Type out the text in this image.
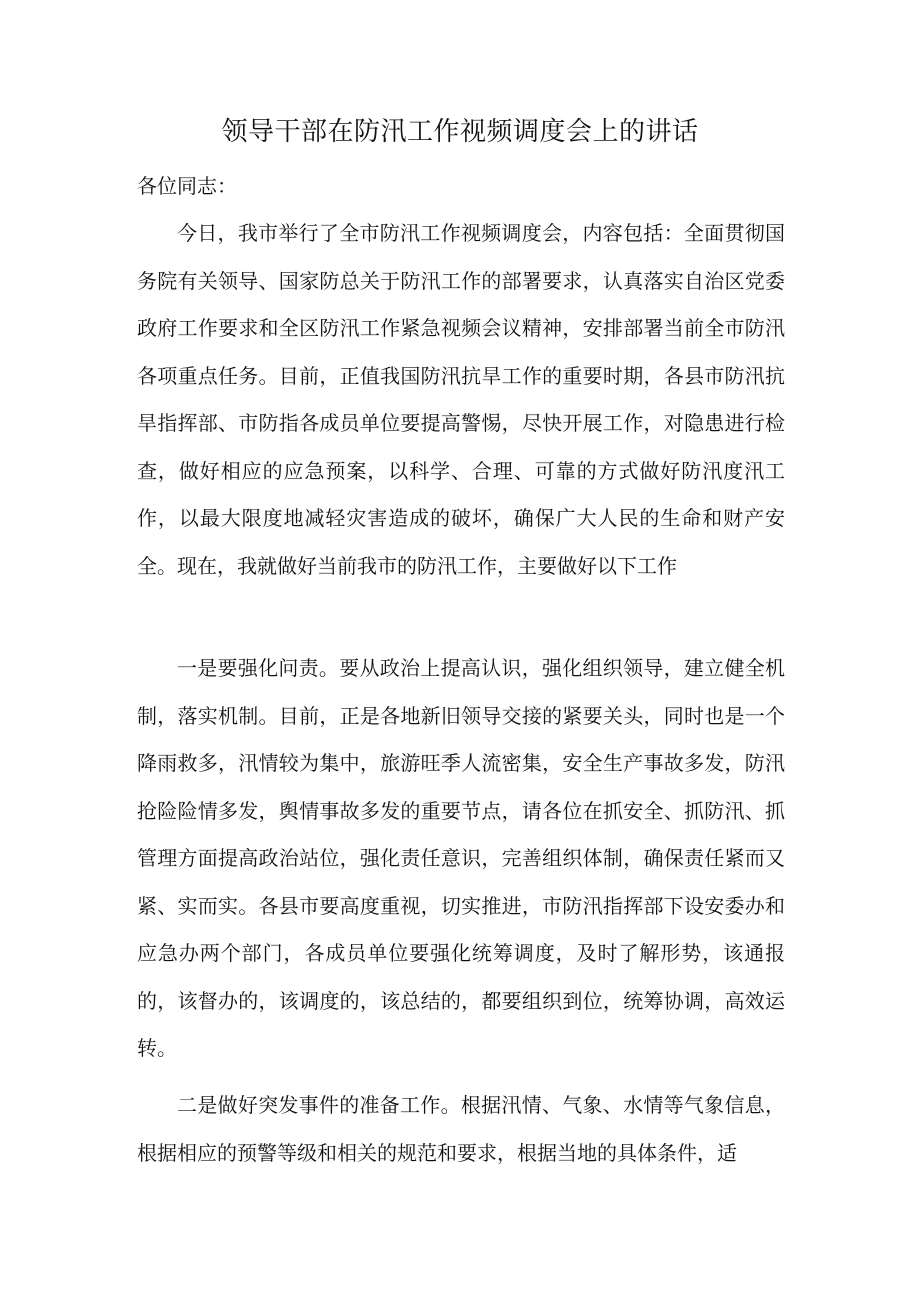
领导干部在防汛工作视频调度会上的讲话

各位同志：

今日，我市举行了全市防汛工作视频调度会，内容包括：全面贯彻国务院有关领导、国家防总关于防汛工作的部署要求，认真落实自治区党委政府工作要求和全区防汛工作紧急视频会议精神，安排部署当前全市防汛各项重点任务。目前，正值我国防汛抗旱工作的重要时期，各县市防汛抗旱指挥部、市防指各成员单位要提高警惕，尽快开展工作，对隐患进行检查，做好相应的应急预案，以科学、合理、可靠的方式做好防汛度汛工作，以最大限度地减轻灾害造成的破坏，确保广大人民的生命和财产安全。现在，我就做好当前我市的防汛工作，主要做好以下工作

一是要强化问责。要从政治上提高认识，强化组织领导，建立健全机制，落实机制。目前，正是各地新旧领导交接的紧要关头，同时也是一个降雨救多，汛情较为集中，旅游旺季人流密集，安全生产事故多发，防汛抢险险情多发，舆情事故多发的重要节点，请各位在抓安全、抓防汛、抓管理方面提高政治站位，强化责任意识，完善组织体制，确保责任紧而又紧、实而实。各县市要高度重视，切实推进，市防汛指挥部下设安委办和应急办两个部门，各成员单位要强化统筹调度，及时了解形势，该通报的，该督办的，该调度的，该总结的，都要组织到位，统筹协调，高效运转。

二是做好突发事件的准备工作。根据汛情、气象、水情等气象信息，根据相应的预警等级和相关的规范和要求，根据当地的具体条件，适
